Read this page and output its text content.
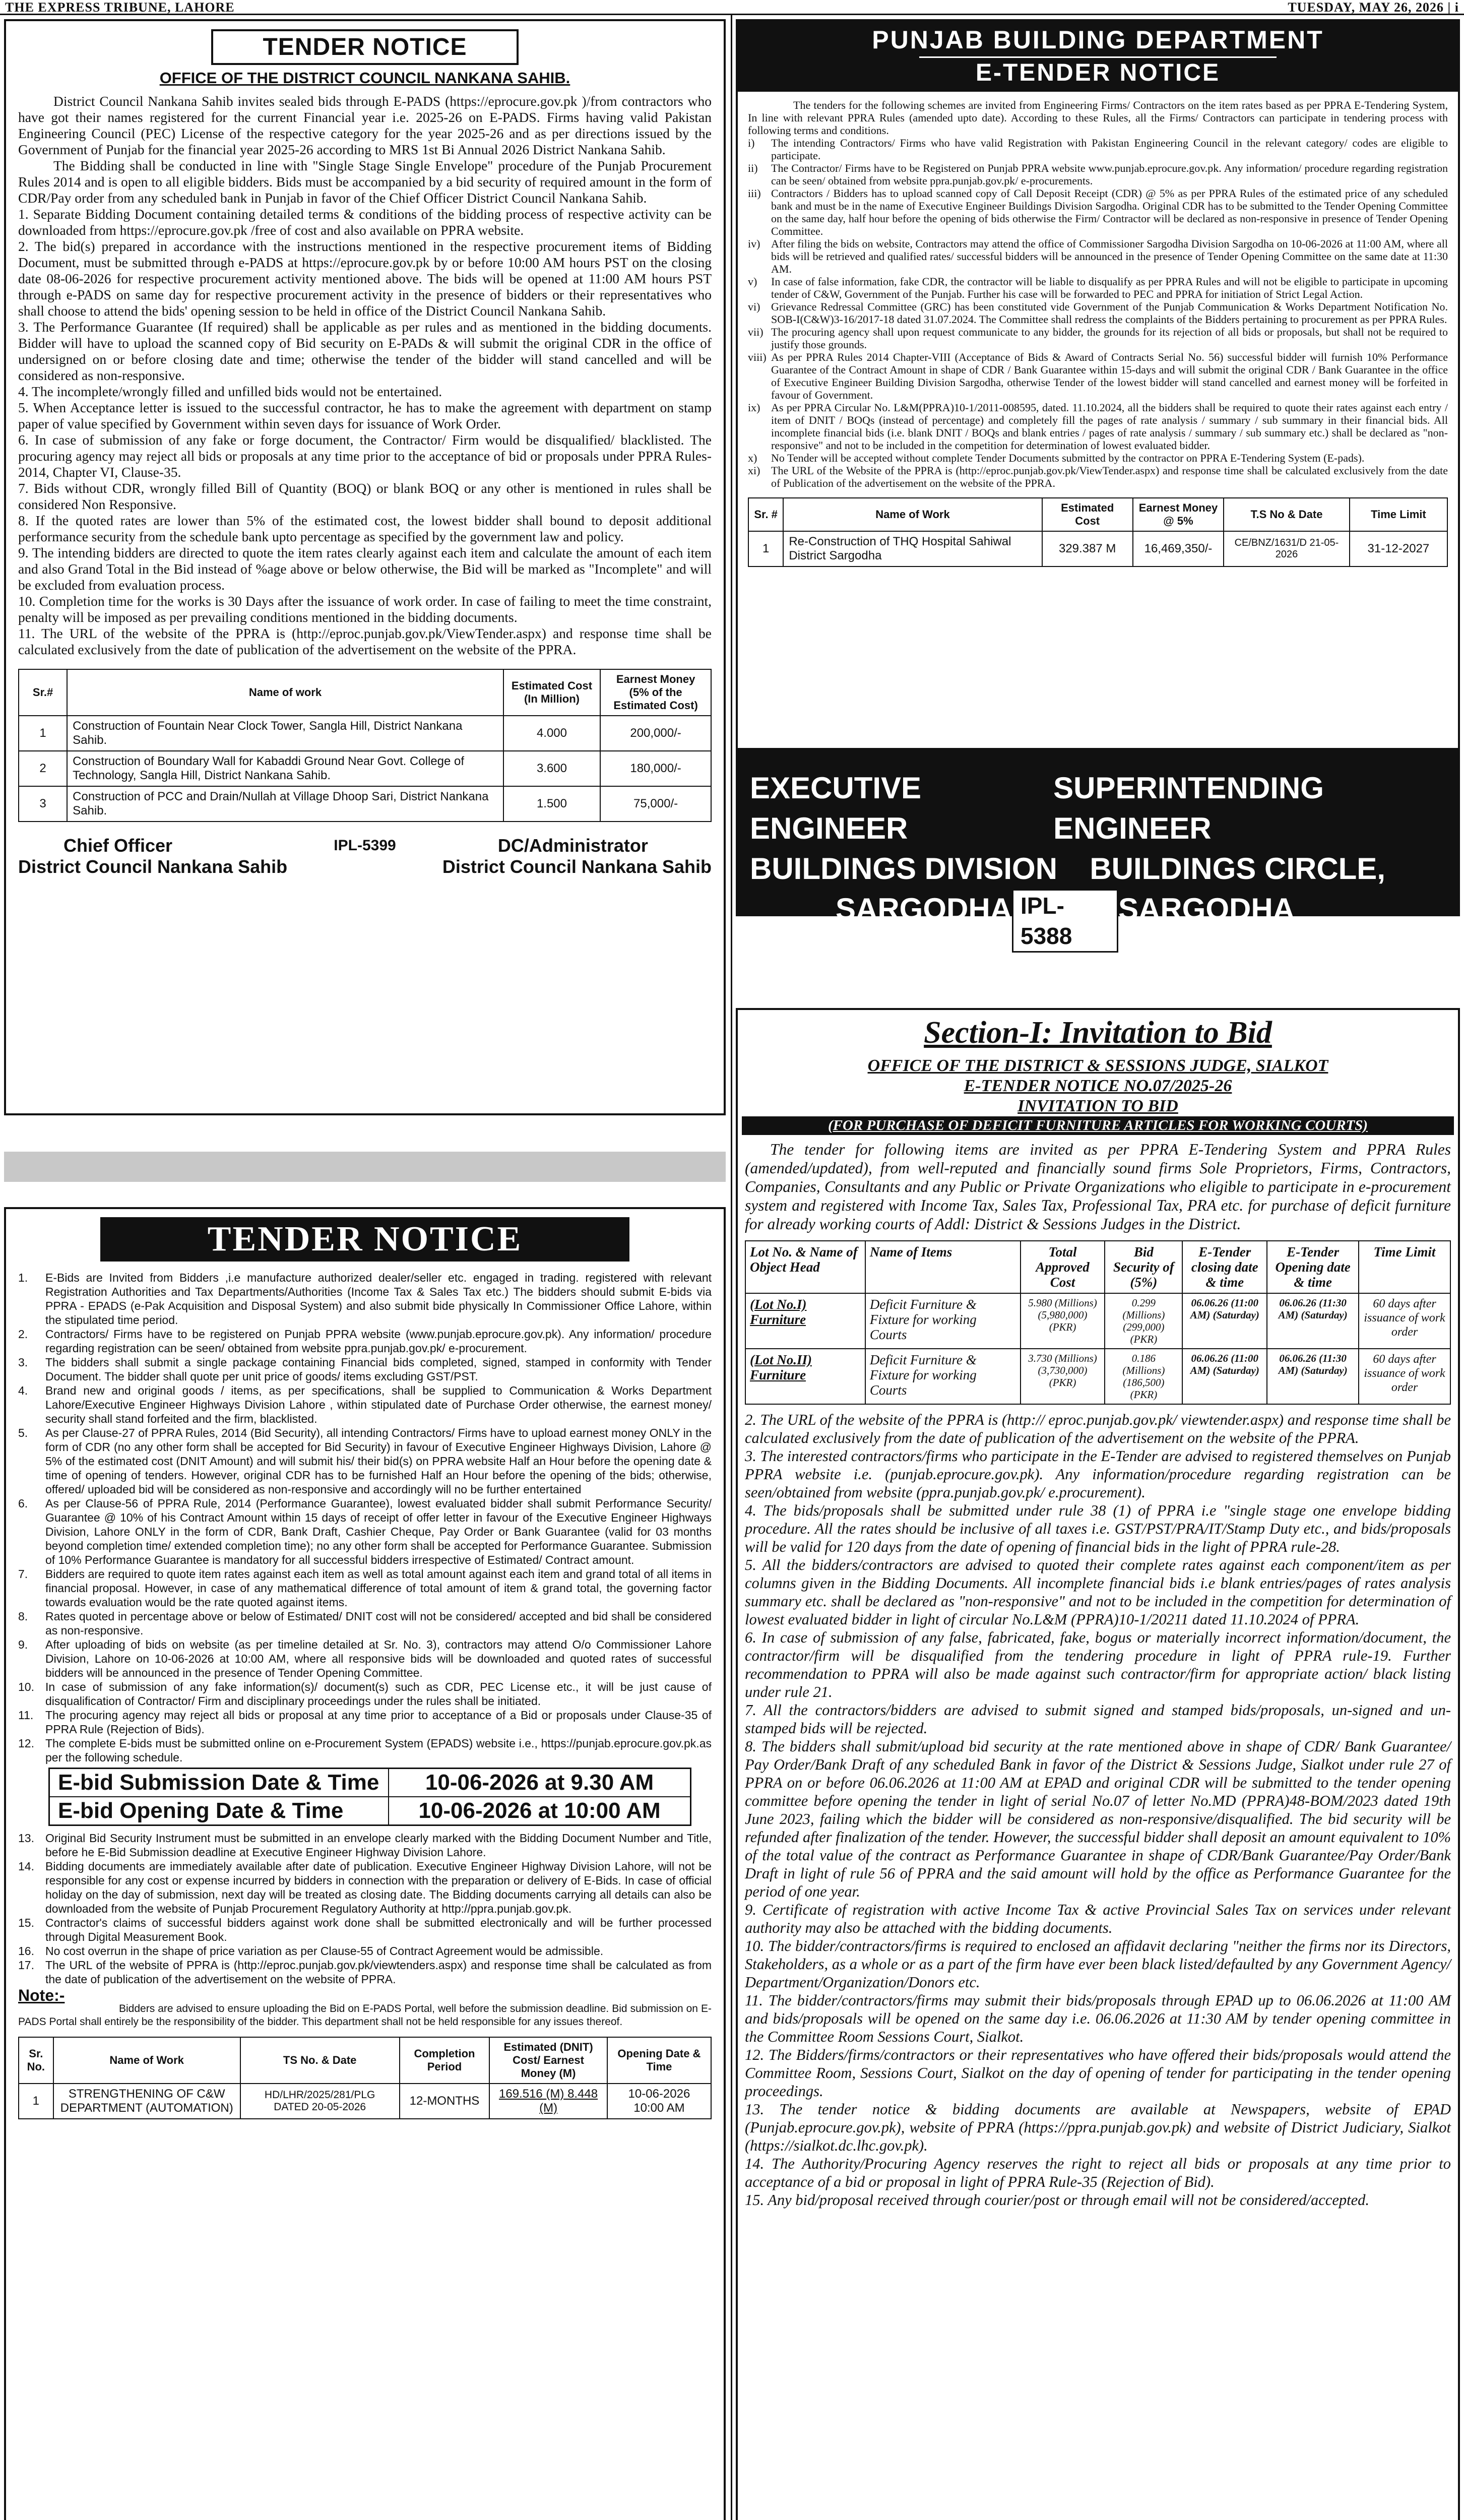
THE EXPRESS TRIBUNE, LAHORE	TUESDAY, MAY 26, 2026 | i
TENDER NOTICE
OFFICE OF THE DISTRICT COUNCIL NANKANA SAHIB.

District Council Nankana Sahib invites sealed bids through E-PADS (https://eprocure.gov.pk )/from contractors who have got their names registered for the current Financial year i.e. 2025-26 on E-PADS. Firms having valid Pakistan Engineering Council (PEC) License of the respective category for the year 2025-26 and as per directions issued by the Government of Punjab for the financial year 2025-26 according to MRS 1st Bi Annual 2026 District Nankana Sahib.

The Bidding shall be conducted in line with "Single Stage Single Envelope" procedure of the Punjab Procurement Rules 2014 and is open to all eligible bidders. Bids must be accompanied by a bid security of required amount in the form of CDR/Pay order from any scheduled bank in Punjab in favor of the Chief Officer District Council Nankana Sahib.

1. Separate Bidding Document containing detailed terms & conditions of the bidding process of respective activity can be downloaded from https://eprocure.gov.pk /free of cost and also available on PPRA website.

2. The bid(s) prepared in accordance with the instructions mentioned in the respective procurement items of Bidding Document, must be submitted through e-PADS at https://eprocure.gov.pk by or before 10:00 AM hours PST on the closing date 08-06-2026 for respective procurement activity mentioned above. The bids will be opened at 11:00 AM hours PST through e-PADS on same day for respective procurement activity in the presence of bidders or their representatives who shall choose to attend the bids' opening session to be held in office of the District Council Nankana Sahib.

3. The Performance Guarantee (If required) shall be applicable as per rules and as mentioned in the bidding documents. Bidder will have to upload the scanned copy of Bid security on E-PADs & will submit the original CDR in the office of undersigned on or before closing date and time; otherwise the tender of the bidder will stand cancelled and will be considered as non-responsive.

4. The incomplete/wrongly filled and unfilled bids would not be entertained.

5. When Acceptance letter is issued to the successful contractor, he has to make the agreement with department on stamp paper of value specified by Government within seven days for issuance of Work Order.

6. In case of submission of any fake or forge document, the Contractor/ Firm would be disqualified/ blacklisted. The procuring agency may reject all bids or proposals at any time prior to the acceptance of bid or proposals under PPRA Rules-2014, Chapter VI, Clause-35.

7. Bids without CDR, wrongly filled Bill of Quantity (BOQ) or blank BOQ or any other is mentioned in rules shall be considered Non Responsive.

8. If the quoted rates are lower than 5% of the estimated cost, the lowest bidder shall bound to deposit additional performance security from the schedule bank upto percentage as specified by the government law and policy.

9. The intending bidders are directed to quote the item rates clearly against each item and calculate the amount of each item and also Grand Total in the Bid instead of %age above or below otherwise, the Bid will be marked as "Incomplete" and will be excluded from evaluation process.

10. Completion time for the works is 30 Days after the issuance of work order. In case of failing to meet the time constraint, penalty will be imposed as per prevailing conditions mentioned in the bidding documents.

11. The URL of the website of the PPRA is (http://eproc.punjab.gov.pk/ViewTender.aspx) and response time shall be calculated exclusively from the date of publication of the advertisement on the website of the PPRA.

Sr.#	Name of work	Estimated Cost (In Million)	Earnest Money (5% of the Estimated Cost)
1	Construction of Fountain Near Clock Tower, Sangla Hill, District Nankana Sahib.	4.000	200,000/-
2	Construction of Boundary Wall for Kabaddi Ground Near Govt. College of Technology, Sangla Hill, District Nankana Sahib.	3.600	180,000/-
3	Construction of PCC and Drain/Nullah at Village Dhoop Sari, District Nankana Sahib.	1.500	75,000/-
Chief Officer
District Council Nankana Sahib
IPL-5399	DC/Administrator
District Council Nankana Sahib
PUNJAB BUILDING DEPARTMENT
E-TENDER NOTICE

The tenders for the following schemes are invited from Engineering Firms/ Contractors on the item rates based as per PPRA E-Tendering System, In line with relevant PPRA Rules (amended upto date). According to these Rules, all the Firms/ Contractors can participate in tendering process with following terms and conditions.

i)	The intending Contractors/ Firms who have valid Registration with Pakistan Engineering Council in the relevant category/ codes are eligible to participate.
ii)	The Contractor/ Firms have to be Registered on Punjab PPRA website www.punjab.eprocure.gov.pk. Any information/ procedure regarding registration can be seen/ obtained from website ppra.punjab.gov.pk/ e-procurements.
iii) Contractors / Bidders has to upload scanned copy of Call Deposit Receipt (CDR) @ 5% as per PPRA Rules of the estimated price of any scheduled bank and must be in the name of Executive Engineer Buildings Division Sargodha. Original CDR has to be submitted to the Tender Opening Committee on the same day, half hour before the opening of bids otherwise the Firm/ Contractor will be declared as non-responsive in presence of Tender Opening Committee.
iv) After filing the bids on website, Contractors may attend the office of Commissioner Sargodha Division Sargodha on 10-06-2026 at 11:00 AM, where all bids will be retrieved and qualified rates/ successful bidders will be announced in the presence of Tender Opening Committee on the same date at 11:30 AM.
v)	In case of false information, fake CDR, the contractor will be liable to disqualify as per PPRA Rules and will not be eligible to participate in upcoming tender of C&W, Government of the Punjab. Further his case will be forwarded to PEC and PPRA for initiation of Strict Legal Action.
vi) Grievance Redressal Committee (GRC) has been constituted vide Government of the Punjab Communication & Works Department Notification No. SOB-I(C&W)3-16/2017-18 dated 31.07.2024. The Committee shall redress the complaints of the Bidders pertaining to procurement as per PPRA Rules.
vii) The procuring agency shall upon request communicate to any bidder, the grounds for its rejection of all bids or proposals, but shall not be required to justify those grounds.
viii) As per PPRA Rules 2014 Chapter-VIII (Acceptance of Bids & Award of Contracts Serial No. 56) successful bidder will furnish 10% Performance Guarantee of the Contract Amount in shape of CDR / Bank Guarantee within 15-days and will submit the original CDR / Bank Guarantee in the office of Executive Engineer Building Division Sargodha, otherwise Tender of the lowest bidder will stand cancelled and earnest money will be forfeited in favour of Government.
ix) As per PPRA Circular No. L&M(PPRA)10-1/2011-008595, dated. 11.10.2024, all the bidders shall be required to quote their rates against each entry / item of DNIT / BOQs (instead of percentage) and completely fill the pages of rate analysis / summary / sub summary in their financial bids. All incomplete financial bids (i.e. blank DNIT / BOQs and blank entries / pages of rate analysis / summary / sub summary etc.) shall be declared as "non-responsive" and not to be included in the competition for determination of lowest evaluated bidder.
x)	No Tender will be accepted without complete Tender Documents submitted by the contractor on PPRA E-Tendering System (E-pads).
xi) The URL of the Website of the PPRA is (http://eproc.punjab.gov.pk/ViewTender.aspx) and response time shall be calculated exclusively from the date of Publication of the advertisement on the website of the PPRA.
Sr. #	Name of Work	Estimated Cost	Earnest Money @ 5%	T.S No & Date	Time Limit
1	Re-Construction of THQ Hospital Sahiwal District Sargodha	329.387 M	16,469,350/-	CE/BNZ/1631/D 21-05-2026	31-12-2027
EXECUTIVE ENGINEER
SUPERINTENDING ENGINEER
BUILDINGS DIVISION BUILDINGS CIRCLE,
SARGODHA IPL-5388
SARGODHA
TENDER NOTICE
1.	E-Bids are Invited from Bidders ,i.e manufacture authorized dealer/seller etc. engaged in trading. registered with relevant Registration Authorities and Tax Departments/Authorities (Income Tax & Sales Tax etc.) The bidders should submit E-bids via PPRA - EPADS (e-Pak Acquisition and Disposal System) and also submit bide physically In Commissioner Office Lahore, within the stipulated time period.
2.	Contractors/ Firms have to be registered on Punjab PPRA website (www.punjab.eprocure.gov.pk). Any information/ procedure regarding registration can be seen/ obtained from website ppra.punjab.gov.pk/ e-procurement.
3.	The bidders shall submit a single package containing Financial bids completed, signed, stamped in conformity with Tender Document. The bidder shall quote per unit price of goods/ items excluding GST/PST.
4.	Brand new and original goods / items, as per specifications, shall be supplied to Communication & Works Department Lahore/Executive Engineer Highways Division Lahore , within stipulated date of Purchase Order otherwise, the earnest money/ security shall stand forfeited and the firm, blacklisted.
5.	As per Clause-27 of PPRA Rules, 2014 (Bid Security), all intending Contractors/ Firms have to upload earnest money ONLY in the form of CDR (no any other form shall be accepted for Bid Security) in favour of Executive Engineer Highways Division, Lahore @ 5% of the estimated cost (DNIT Amount) and will submit his/ their bid(s) on PPRA website Half an Hour before the opening date & time of opening of tenders. However, original CDR has to be furnished Half an Hour before the opening of the bids; otherwise, offered/ uploaded bid will be considered as non-responsive and accordingly will no be further entertained
6.	As per Clause-56 of PPRA Rule, 2014 (Performance Guarantee), lowest evaluated bidder shall submit Performance Security/ Guarantee @ 10% of his Contract Amount within 15 days of receipt of offer letter in favour of the Executive Engineer Highways Division, Lahore ONLY in the form of CDR, Bank Draft, Cashier Cheque, Pay Order or Bank Guarantee (valid for 03 months beyond completion time/ extended completion time); no any other form shall be accepted for Performance Guarantee. Submission of 10% Performance Guarantee is mandatory for all successful bidders irrespective of Estimated/ Contract amount.
7.	Bidders are required to quote item rates against each item as well as total amount against each item and grand total of all items in financial proposal. However, in case of any mathematical difference of total amount of item & grand total, the governing factor towards evaluation would be the rate quoted against items.
8.	Rates quoted in percentage above or below of Estimated/ DNIT cost will not be considered/ accepted and bid shall be considered as non-responsive.
9.	After uploading of bids on website (as per timeline detailed at Sr. No. 3), contractors may attend O/o Commissioner Lahore Division, Lahore on 10-06-2026 at 10:00 AM, where all responsive bids will be downloaded and quoted rates of successful bidders will be announced in the presence of Tender Opening Committee.
10. In case of submission of any fake information(s)/ document(s) such as CDR, PEC License etc., it will be just cause of disqualification of Contractor/ Firm and disciplinary proceedings under the rules shall be initiated.
11.	The procuring agency may reject all bids or proposal at any time prior to acceptance of a Bid or proposals under Clause-35 of PPRA Rule (Rejection of Bids).
12. The complete E-bids must be submitted online on e-Procurement System (EPADS) website i.e., https://punjab.eprocure.gov.pk.as per the following schedule.
E-bid Submission Date & Time	10-06-2026 at 9.30 AM
E-bid Opening Date & Time	10-06-2026 at 10:00 AM
13. Original Bid Security Instrument must be submitted in an envelope clearly marked with the Bidding Document Number and Title, before he E-Bid Submission deadline at Executive Engineer Highway Division Lahore.
14. Bidding documents are immediately available after date of publication. Executive Engineer Highway Division Lahore, will not be responsible for any cost or expense incurred by bidders in connection with the preparation or delivery of E-Bids. In case of official holiday on the day of submission, next day will be treated as closing date. The Bidding documents carrying all details can also be downloaded from the website of Punjab Procurement Regulatory Authority at http://ppra.punjab.gov.pk.
15. Contractor's claims of successful bidders against work done shall be submitted electronically and will be further processed through Digital Measurement Book.
16. No cost overrun in the shape of price variation as per Clause-55 of Contract Agreement would be admissible.
17. The URL of the website of PPRA is (http://eproc.punjab.gov.pk/viewtenders.aspx) and response time shall be calculated as from the date of publication of the advertisement on the website of PPRA.
Note:-
Bidders are advised to ensure uploading the Bid on E-PADS Portal, well before the submission deadline. Bid submission on E-PADS Portal shall entirely be the responsibility of the bidder. This department shall not be held responsible for any issues thereof.
Sr. No.	Name of Work	TS No. & Date	Completion Period	Estimated (DNIT) Cost/ Earnest Money (M)	Opening Date & Time
1	STRENGTHENING OF C&W DEPARTMENT (AUTOMATION)	HD/LHR/2025/281/PLG DATED 20-05-2026	12-MONTHS	169.516 (M) 8.448 (M)	10-06-2026 10:00 AM
Section-I: Invitation to Bid
OFFICE OF THE DISTRICT & SESSIONS JUDGE, SIALKOT
E-TENDER NOTICE NO.07/2025-26
INVITATION TO BID
(FOR PURCHASE OF DEFICIT FURNITURE ARTICLES FOR WORKING COURTS)

The tender for following items are invited as per PPRA E-Tendering System and PPRA Rules (amended/updated), from well-reputed and financially sound firms Sole Proprietors, Firms, Contractors, Companies, Consultants and any Public or Private Organizations who eligible to participate in e-procurement system and registered with Income Tax, Sales Tax, Professional Tax, PRA etc. for purchase of deficit furniture for already working courts of Addl: District & Sessions Judges in the District.

Lot No. & Name of Object Head	Name of Items	Total Approved Cost	Bid Security of (5%)	E-Tender closing date & time	E-Tender Opening date & time	Time Limit
(Lot No.I) Furniture	Deficit Furniture & Fixture for working Courts	5.980 (Millions) (5,980,000) (PKR)	0.299 (Millions) (299,000) (PKR)	06.06.26 (11:00 AM) (Saturday)	06.06.26 (11:30 AM) (Saturday)	60 days after issuance of work order
(Lot No.II) Furniture	Deficit Furniture & Fixture for working Courts	3.730 (Millions) (3,730,000) (PKR)	0.186 (Millions) (186,500) (PKR)	06.06.26 (11:00 AM) (Saturday)	06.06.26 (11:30 AM) (Saturday)	60 days after issuance of work order

2. The URL of the website of the PPRA is (http:// eproc.punjab.gov.pk/ viewtender.aspx) and response time shall be calculated exclusively from the date of publication of the advertisement on the website of the PPRA.

3. The interested contractors/firms who participate in the E-Tender are advised to registered themselves on Punjab PPRA website i.e. (punjab.eprocure.gov.pk). Any information/procedure regarding registration can be seen/obtained from website (ppra.punjab.gov.pk/ e.procurement).

4. The bids/proposals shall be submitted under rule 38 (1) of PPRA i.e "single stage one envelope bidding procedure. All the rates should be inclusive of all taxes i.e. GST/PST/PRA/IT/Stamp Duty etc., and bids/proposals will be valid for 120 days from the date of opening of financial bids in the light of PPRA rule-28.

5. All the bidders/contractors are advised to quoted their complete rates against each component/item as per columns given in the Bidding Documents. All incomplete financial bids i.e blank entries/pages of rates analysis summary etc. shall be declared as "non-responsive" and not to be included in the competition for determination of lowest evaluated bidder in light of circular No.L&M (PPRA)10-1/20211 dated 11.10.2024 of PPRA.

6. In case of submission of any false, fabricated, fake, bogus or materially incorrect information/document, the contractor/firm will be disqualified from the tendering procedure in light of PPRA rule-19. Further recommendation to PPRA will also be made against such contractor/firm for appropriate action/ black listing under rule 21.

7. All the contractors/bidders are advised to submit signed and stamped bids/proposals, un-signed and un-stamped bids will be rejected.

8. The bidders shall submit/upload bid security at the rate mentioned above in shape of CDR/ Bank Guarantee/ Pay Order/Bank Draft of any scheduled Bank in favor of the District & Sessions Judge, Sialkot under rule 27 of PPRA on or before 06.06.2026 at 11:00 AM at EPAD and original CDR will be submitted to the tender opening committee before opening the tender in light of serial No.07 of letter No.MD (PPRA)48-BOM/2023 dated 19th June 2023, failing which the bidder will be considered as non-responsive/disqualified. The bid security will be refunded after finalization of the tender. However, the successful bidder shall deposit an amount equivalent to 10% of the total value of the contract as Performance Guarantee in shape of CDR/Bank Guarantee/Pay Order/Bank Draft in light of rule 56 of PPRA and the said amount will hold by the office as Performance Guarantee for the period of one year.

9. Certificate of registration with active Income Tax & active Provincial Sales Tax on services under relevant authority may also be attached with the bidding documents.

10. The bidder/contractors/firms is required to enclosed an affidavit declaring "neither the firms nor its Directors, Stakeholders, as a whole or as a part of the firm have ever been black listed/defaulted by any Government Agency/ Department/Organization/Donors etc.

11. The bidder/contractors/firms may submit their bids/proposals through EPAD up to 06.06.2026 at 11:00 AM and bids/proposals will be opened on the same day i.e. 06.06.2026 at 11:30 AM by tender opening committee in the Committee Room Sessions Court, Sialkot.

12. The Bidders/firms/contractors or their representatives who have offered their bids/proposals would attend the Committee Room, Sessions Court, Sialkot on the day of opening of tender for participating in the tender opening proceedings.

13. The tender notice & bidding documents are available at Newspapers, website of EPAD (Punjab.eprocure.gov.pk), website of PPRA (https://ppra.punjab.gov.pk) and website of District Judiciary, Sialkot (https://sialkot.dc.lhc.gov.pk).

14. The Authority/Procuring Agency reserves the right to reject all bids or proposals at any time prior to acceptance of a bid or proposal in light of PPRA Rule-35 (Rejection of Bid).

15. Any bid/proposal received through courier/post or through email will not be considered/accepted.
